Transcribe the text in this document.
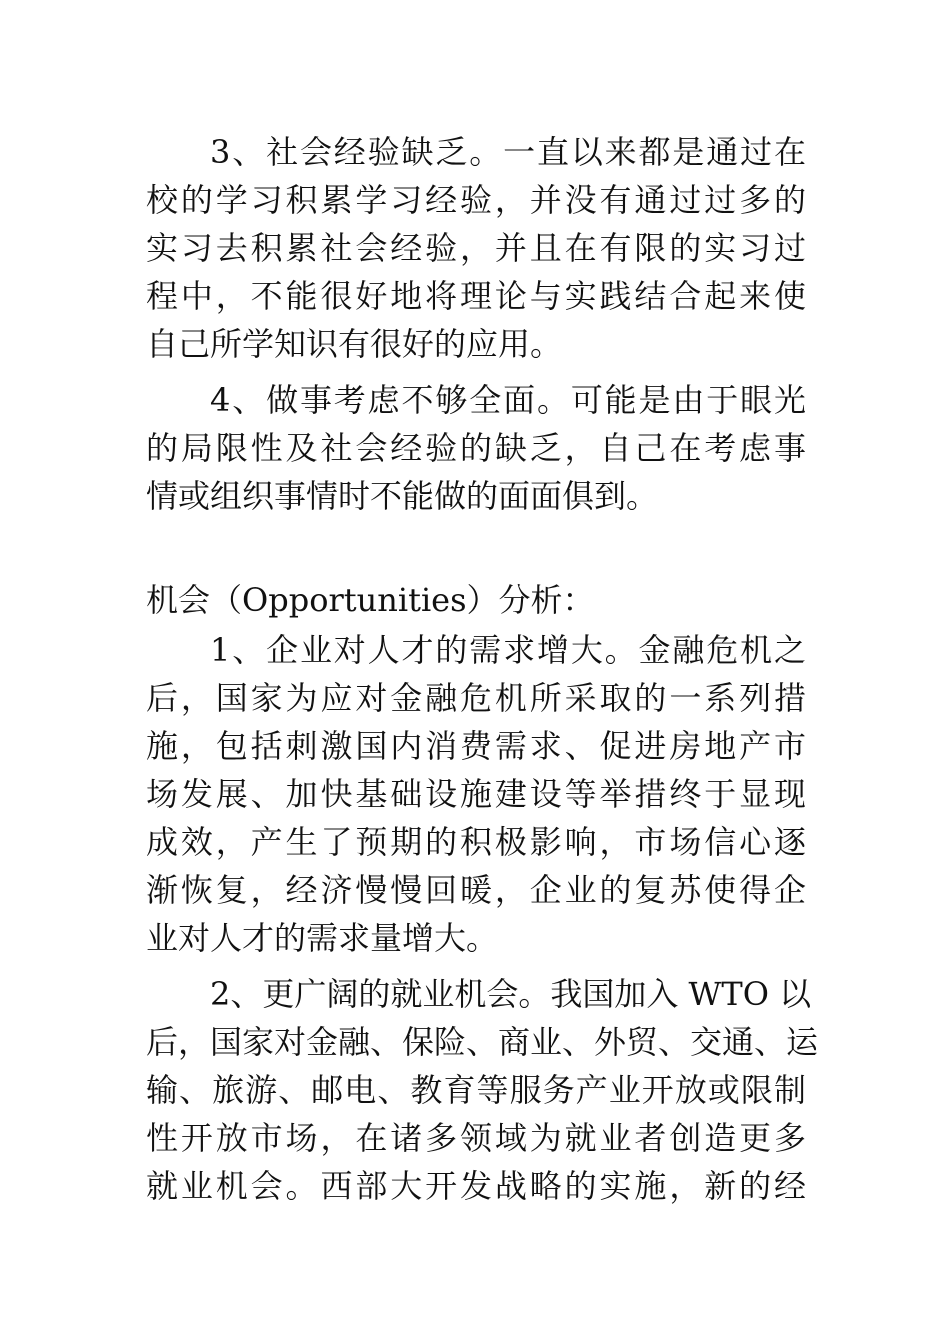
3、社会经验缺乏。一直以来都是通过在
校的学习积累学习经验，并没有通过过多的
实习去积累社会经验，并且在有限的实习过
程中，不能很好地将理论与实践结合起来使
自己所学知识有很好的应用。
4、做事考虑不够全面。可能是由于眼光
的局限性及社会经验的缺乏，自己在考虑事
情或组织事情时不能做的面面俱到。
机会（Opportunities）分析：
1、企业对人才的需求增大。金融危机之
后，国家为应对金融危机所采取的一系列措
施，包括刺激国内消费需求、促进房地产市
场发展、加快基础设施建设等举措终于显现
成效，产生了预期的积极影响，市场信心逐
渐恢复，经济慢慢回暖，企业的复苏使得企
业对人才的需求量增大。
2、更广阔的就业机会。我国加入 WTO 以
后，国家对金融、保险、商业、外贸、交通、运
输、旅游、邮电、教育等服务产业开放或限制
性开放市场，在诸多领域为就业者创造更多
就业机会。西部大开发战略的实施，新的经
